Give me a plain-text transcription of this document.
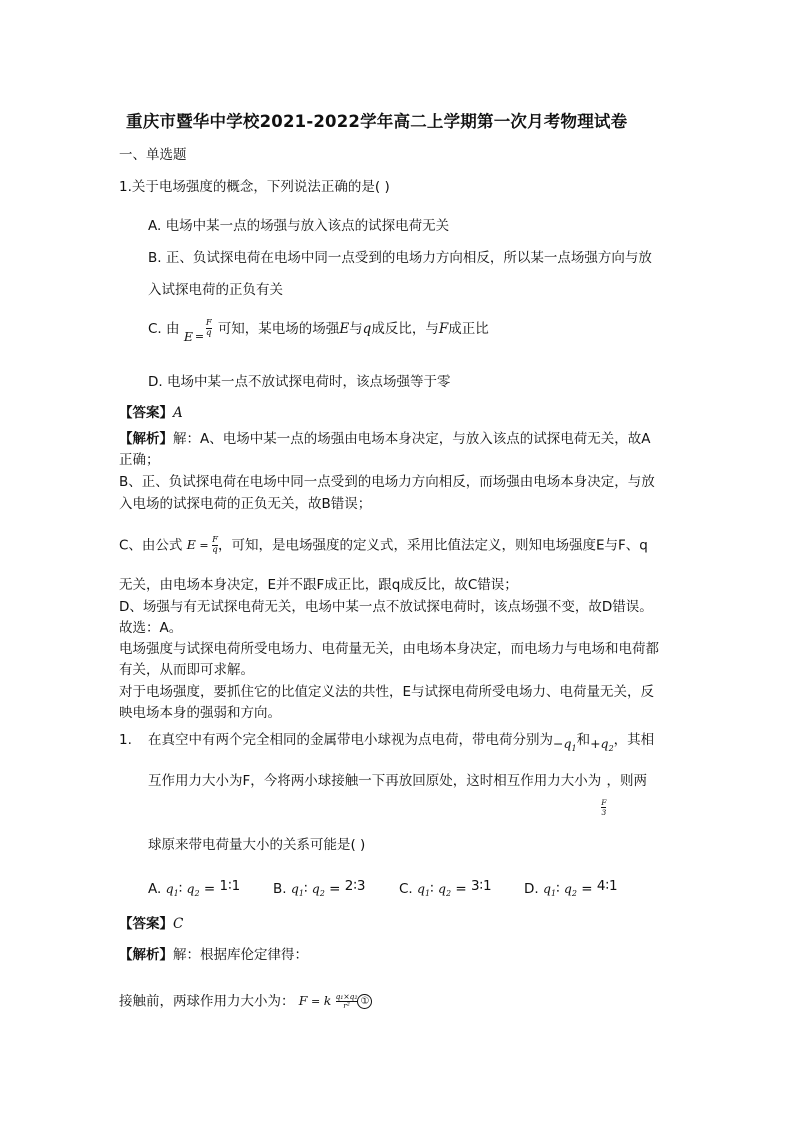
重庆市暨华中学校2021-2022学年高二上学期第一次月考物理试卷
一、单选题
1.关于电场强度的概念，下列说法正确的是( )
A. 电场中某一点的场强与放入该点的试探电荷无关
B. 正、负试探电荷在电场中同一点受到的电场力方向相反，所以某一点场强方向与放
入试探电荷的正负有关
C. 由 E =
F
q 可知，某电场的场强E与q成反比，与F成正比
D. 电场中某一点不放试探电荷时，该点场强等于零
【答案】A
【解析】解：A、电场中某一点的场强由电场本身决定，与放入该点的试探电荷无关，故A
正确；
B、正、负试探电荷在电场中同一点受到的电场力方向相反，而场强由电场本身决定，与放
入电场的试探电荷的正负无关，故B错误；
C、由公式 $E = \frac{F}{q}$ ，可知，是电场强度的定义式，采用比值法定义，则知电场强度E与F、q
无关，由电场本身决定，E并不跟F成正比，跟q成反比，故C错误；
D、场强与有无试探电荷无关，电场中某一点不放试探电荷时，该点场强不变，故D错误。
故选：A。
电场强度与试探电荷所受电场力、电荷量无关，由电场本身决定，而电场力与电场和电荷都
有关，从而即可求解。
对于电场强度，要抓住它的比值定义法的共性，E与试探电荷所受电场力、电荷量无关，反
映电场本身的强弱和方向。
1. 在真空中有两个完全相同的金属带电小球视为点电荷，带电荷分别为$-q_1$和$+q_2$，其相
互作用力大小为F，今将两小球接触一下再放回原处，这时相互作用力大小为
$\frac{F}{3}$
，则两
球原来带电荷量大小的关系可能是( )
A. $q_1∶$ $q_2$ = 1∶1 B. $q_1∶$ $q_2$ = 2∶3 C. $q_1∶$ $q_2$ = 3∶1 D. $q_1∶$ $q_2$ = 4∶1
【答案】C
【解析】解：根据库伦定律得：
接触前，两球作用力大小为： F = k $\frac{\text{q₁×q₂}}{\text{r²}}$ ①
